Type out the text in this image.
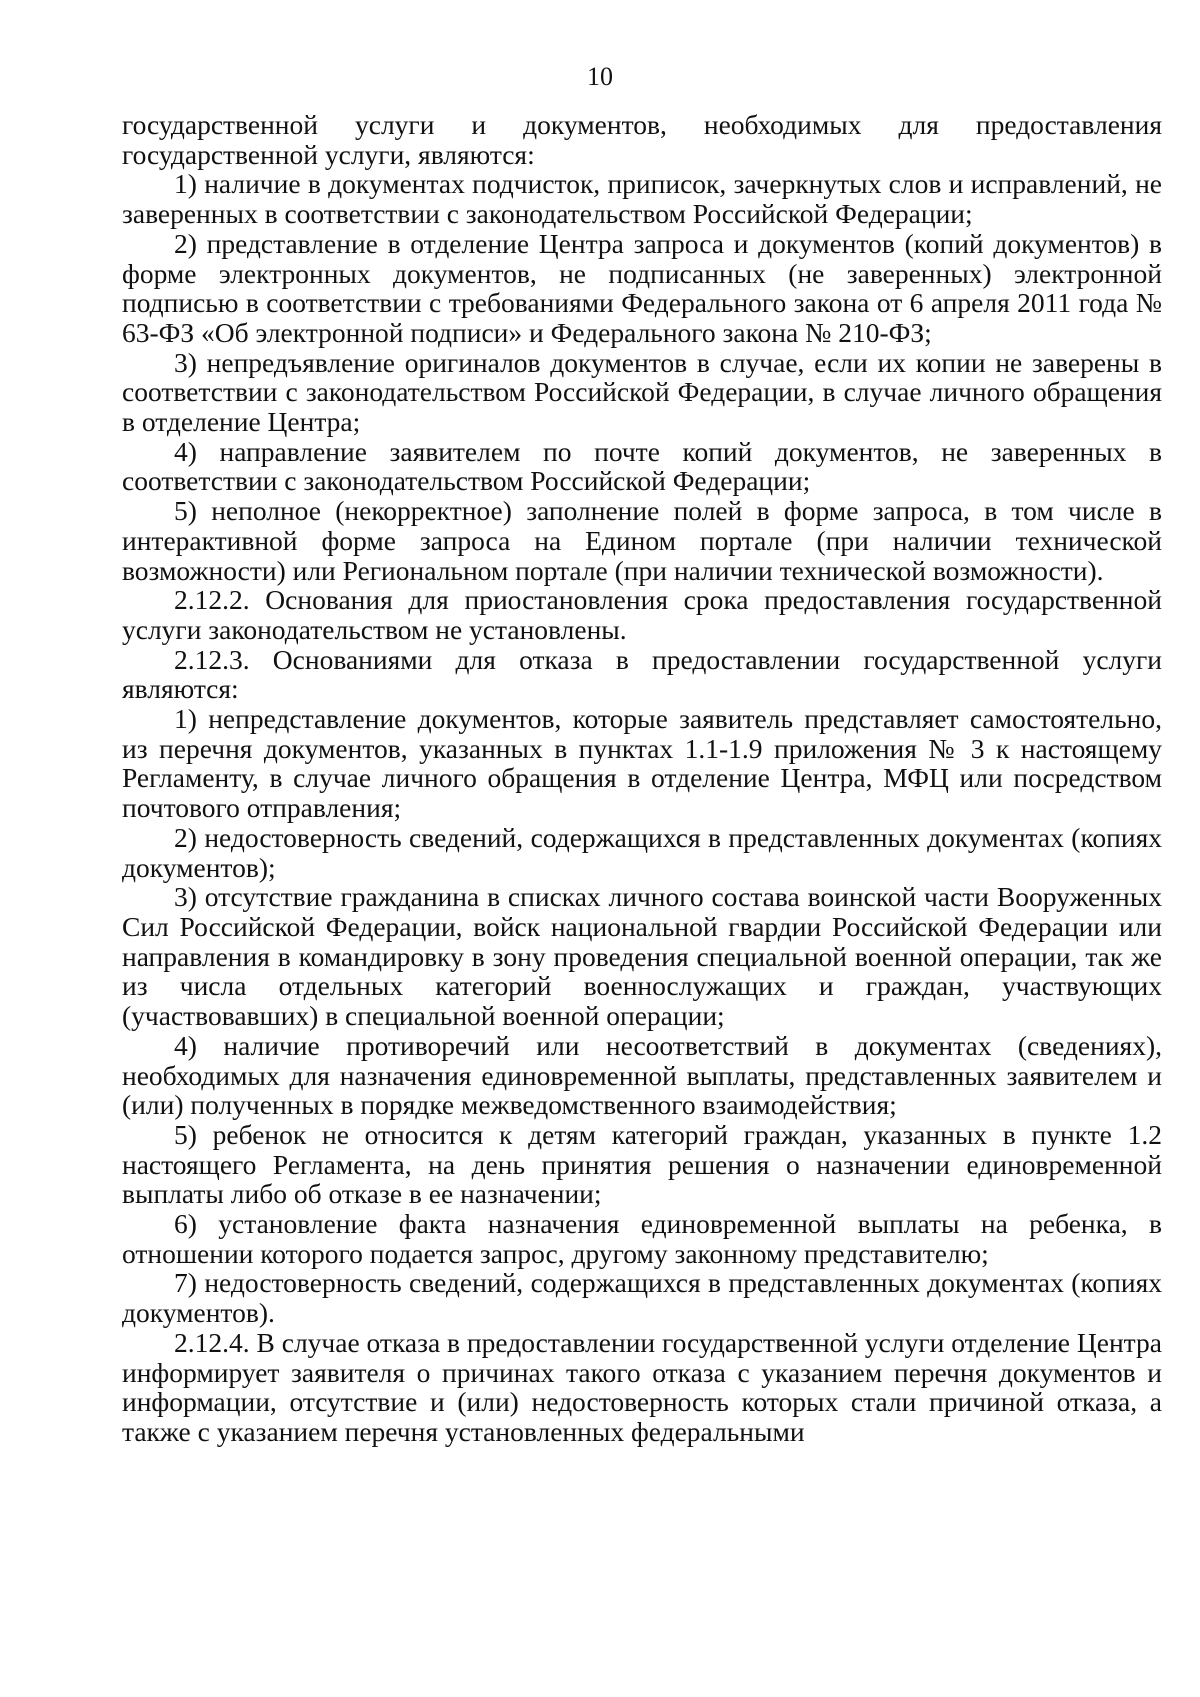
10

государственной услуги и документов, необходимых для предоставления государственной услуги, являются:

1) наличие в документах подчисток, приписок, зачеркнутых слов и исправлений, не заверенных в соответствии с законодательством Российской Федерации;

2) представление в отделение Центра запроса и документов (копий документов) в форме электронных документов, не подписанных (не заверенных) электронной подписью в соответствии с требованиями Федерального закона от 6 апреля 2011 года № 63-ФЗ «Об электронной подписи» и Федерального закона № 210-ФЗ;

3) непредъявление оригиналов документов в случае, если их копии не заверены в соответствии с законодательством Российской Федерации, в случае личного обращения в отделение Центра;

4) направление заявителем по почте копий документов, не заверенных в соответствии с законодательством Российской Федерации;

5) неполное (некорректное) заполнение полей в форме запроса, в том числе в интерактивной форме запроса на Едином портале (при наличии технической возможности) или Региональном портале (при наличии технической возможности).

2.12.2. Основания для приостановления срока предоставления государственной услуги законодательством не установлены.

2.12.3. Основаниями для отказа в предоставлении государственной услуги являются:

1) непредставление документов, которые заявитель представляет самостоятельно, из перечня документов, указанных в пунктах 1.1-1.9 приложения № 3 к настоящему Регламенту, в случае личного обращения в отделение Центра, МФЦ или посредством почтового отправления;

2) недостоверность сведений, содержащихся в представленных документах (копиях документов);

3) отсутствие гражданина в списках личного состава воинской части Вооруженных Сил Российской Федерации, войск национальной гвардии Российской Федерации или направления в командировку в зону проведения специальной военной операции, так же из числа отдельных категорий военнослужащих и граждан, участвующих (участвовавших) в специальной военной операции;

4) наличие противоречий или несоответствий в документах (сведениях), необходимых для назначения единовременной выплаты, представленных заявителем и (или) полученных в порядке межведомственного взаимодействия;

5) ребенок не относится к детям категорий граждан, указанных в пункте 1.2 настоящего Регламента, на день принятия решения о назначении единовременной выплаты либо об отказе в ее назначении;

6) установление факта назначения единовременной выплаты на ребенка, в отношении которого подается запрос, другому законному представителю;

7) недостоверность сведений, содержащихся в представленных документах (копиях документов).

2.12.4. В случае отказа в предоставлении государственной услуги отделение Центра информирует заявителя о причинах такого отказа с указанием перечня документов и информации, отсутствие и (или) недостоверность которых стали причиной отказа, а также с указанием перечня установленных федеральными
